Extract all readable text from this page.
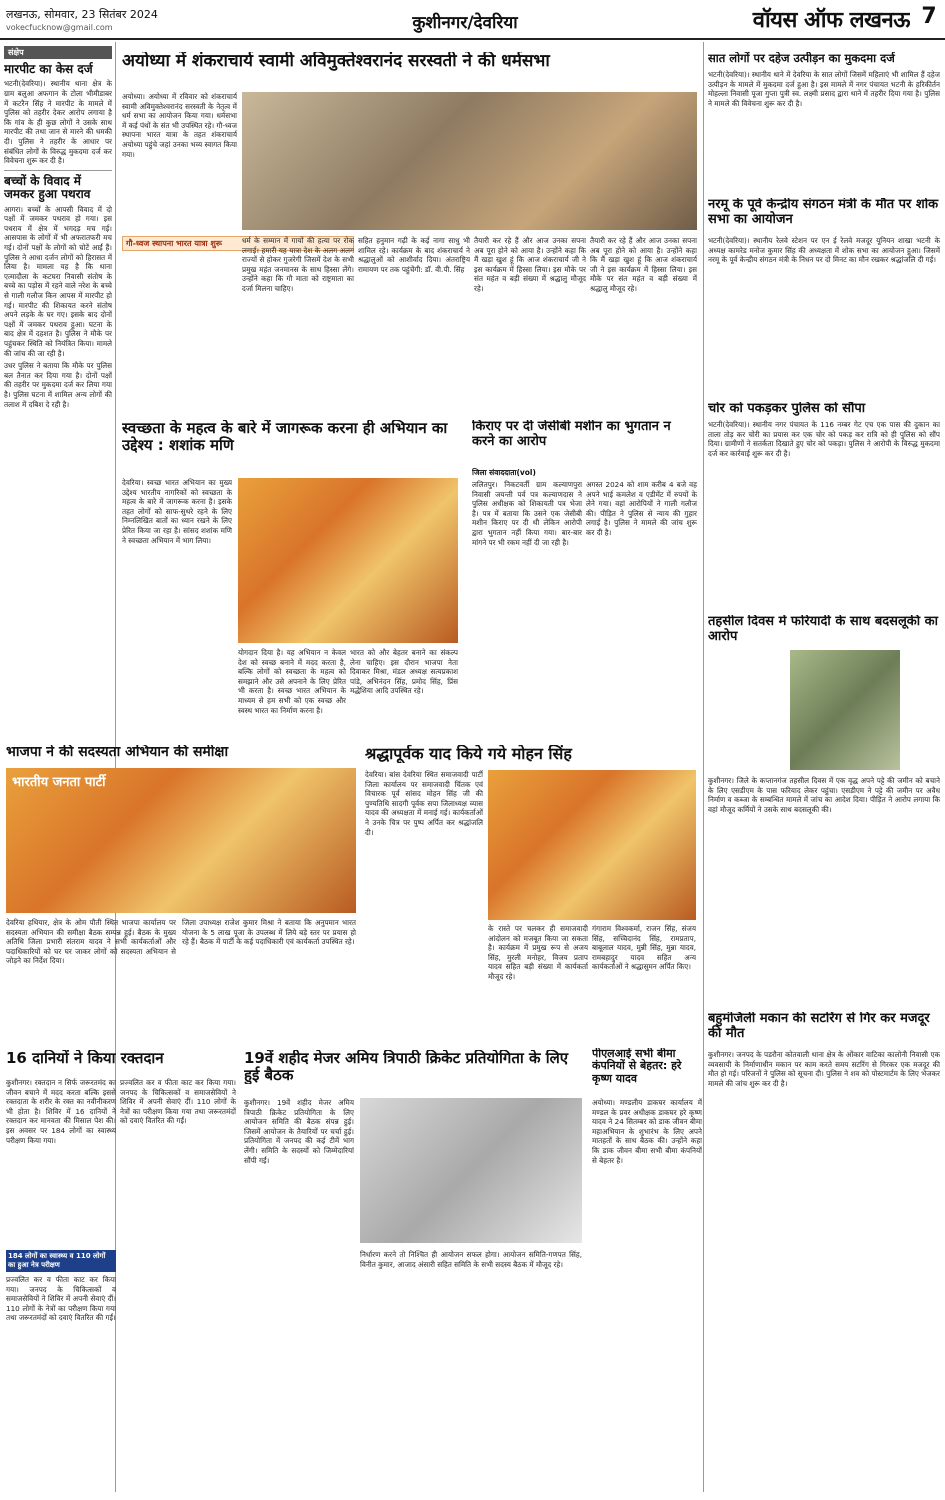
लखनऊ, सोमवार, 23 सितंबर 2024
vokecfucknow@gmail.com	कुशीनगर/देवरिया	वॉयस ऑफ लखनऊ 7
संक्षेप
मारपीट का केस दर्ज
भटनी(देवरिया)। स्थानीय थाना क्षेत्र के ग्राम बलुआ अफगान के टोला भीमीडाबर में कटरैन सिंह ने मारपीट के मामले में पुलिस को तहरीर देकर आरोप लगाया है कि गांव के ही कुछ लोगों ने उसके साथ मारपीट की तथा जान से मारने की धमकी दी। पुलिस ने तहरीर के आधार पर संबंधित लोगों के विरुद्ध मुकदमा दर्ज कर विवेचना शुरू कर दी है।
बच्चों के विवाद में जमकर हुआ पथराव
आगरा। बच्चों के आपसी विवाद में दो पक्षों में जमकर पथराव हो गया। इस पथराव में क्षेत्र में भगदड़ मच गई। आसपास के लोगों में भी अफरातफरी मच गई। दोनों पक्षों के लोगों को चोटें आईं हैं। पुलिस ने आधा दर्जन लोगों को हिरासत में लिया है। मामला यह है कि थाना एत्मादौला के कटघरा निवासी संतोष के बच्चे का पड़ोस में रहने वाले नरेश के बच्चे से गाली गलौज किन आपस में मारपीट हो गई। मारपीट की शिकायत करने संतोष अपने लड़के के घर गए। इसके बाद दोनों पक्षों में जमकर पथराव हुआ। घटना के बाद क्षेत्र में दहशत है। पुलिस ने मौके पर पहुंचकर स्थिति को नियंत्रित किया। मामले की जांच की जा रही है।
उधर पुलिस ने बताया कि मौके पर पुलिस बल तैनात कर दिया गया है। दोनों पक्षों की तहरीर पर मुकदमा दर्ज कर लिया गया है। पुलिस घटना में शामिल अन्य लोगों की तलाश में दबिश दे रही है।
अयोध्या में शंकराचार्य स्वामी अविमुक्तेश्वरानंद सरस्वती ने की धर्मसभा
अयोध्या। अयोध्या में रविवार को शंकराचार्य स्वामी अविमुक्तेश्वरानंद सरस्वती के नेतृत्व में धर्म सभा का आयोजन किया गया। धर्मसभा में कई पंथों के संत भी उपस्थित रहे। गौ-ध्वज स्थापना भारत यात्रा के तहत शंकराचार्य अयोध्या पहुंचे जहां उनका भव्य स्वागत किया गया।
गौ-ध्वज स्थापना भारत यात्रा शुरू	धर्म के सम्मान में गायों की हत्या पर रोक लगाई। हमारी यह यात्रा देश के अलग अलग राज्यों से होकर गुजरेगी जिसमें देश के सभी प्रमुख महंत जनमानस के साथ हिस्सा लेंगे। उन्होंने कहा कि गौ माता को राष्ट्रमाता का दर्जा मिलना चाहिए।
सहित हनुमान गढ़ी के कई नागा साधु भी शामिल रहे। कार्यक्रम के बाद शंकराचार्य ने श्रद्धालुओं को आशीर्वाद दिया। अंतराष्ट्रिय रामायण पर तक पहुंचेंगी: डॉ. वी.पी. सिंह
तैयारी कर रहे हैं और आज उनका सपना अब पूरा होने को आया है। उन्होंने कहा कि मैं खड़ा खुश हूं कि आज शंकराचार्य जी ने इस कार्यक्रम में हिस्सा लिया। इस मौके पर संत महंत व बड़ी संख्या में श्रद्धालु मौजूद रहे।
तैयारी कर रहे हैं और आज उनका सपना अब पूरा होने को आया है। उन्होंने कहा कि मैं खड़ा खुश हूं कि आज शंकराचार्य जी ने इस कार्यक्रम में हिस्सा लिया। इस मौके पर संत महंत व बड़ी संख्या में श्रद्धालु मौजूद रहे।
स्वच्छता के महत्व के बारे में जागरूक करना ही अभियान का उद्देश्य : शशांक मणि
देवरिया। स्वच्छ भारत अभियान का मुख्य उद्देश्य भारतीय नागरिकों को स्वच्छता के महत्व के बारे में जागरूक करना है। इसके तहत लोगों को साफ-सुथरे रहने के लिए निम्नलिखित बातों का ध्यान रखने के लिए प्रेरित किया जा रहा है। सांसद शशांक मणि ने स्वच्छता अभियान में भाग लिया।
योगदान दिया है। यह अभियान न केवल देश को स्वच्छ बनाने में मदद करता है, बल्कि लोगों को स्वच्छता के महत्व को समझाने और उसे अपनाने के लिए प्रेरित भी करता है। स्वच्छ भारत अभियान के माध्यम से हम सभी को एक स्वच्छ और स्वस्थ भारत का निर्माण करना है।
भारत को और बेहतर बनाने का संकल्प लेना चाहिए। इस दौरान भाजपा नेता दिवाकर मिश्रा, मंडल अध्यक्ष सत्यप्रकाश पांडे, अभिनंदन सिंह, प्रमोद सिंह, प्रिंस मद्धेशिया आदि उपस्थित रहे।
किराए पर दी जेसीबी मशीन का भुगतान न करने का आरोप
जिला संवाददाता(vol)
ललितपुर। निकटवर्ती ग्राम कल्याणपुरा निवासी जयन्ती पर्व पत्र कल्याणदास ने पुलिस अधीक्षक को शिकायती पत्र भेजा है। पत्र में बताया कि उसने एक जेसीबी मशीन किराए पर दी थी लेकिन आरोपी द्वारा भुगतान नहीं किया गया। बार-बार मांगने पर भी रकम नहीं दी जा रही है।
अगस्त 2024 को शाम करीब 4 बजे वह अपने भाई कमलेश व एडीमेंट में रुपयों के लेने गया। वहां आरोपियों ने गाली गलौज की। पीड़ित ने पुलिस से न्याय की गुहार लगाई है। पुलिस ने मामले की जांच शुरू कर दी है।
भाजपा ने की सदस्यता अभियान की समीक्षा
भारतीय जनता पार्टी
देवरिया हथियार, क्षेत्र के ओम पौती स्थित भाजपा कार्यालय पर सदस्यता अभियान की समीक्षा बैठक सम्पन्न हुई। बैठक के मुख्य अतिथि जिला प्रभारी संतराम यादव ने सभी कार्यकर्ताओं और पदाधिकारियों को घर घर जाकर लोगों को सदस्यता अभियान से जोड़ने का निर्देश दिया।
जिला उपाध्यक्ष राजेश कुमार मिश्रा ने बताया कि अनुपमान भारत योजना के 5 लाख पूजा के उपलब्ध में लिये बड़े स्तर पर प्रयास हो रहे हैं। बैठक में पार्टी के कई पदाधिकारी एवं कार्यकर्ता उपस्थित रहे।
श्रद्धापूर्वक याद किये गये मोहन सिंह
देवरिया। बांस देवरिया स्थित समाजवादी पार्टी जिला कार्यालय पर समाजवादी चिंतक एवं विचारक पूर्व सांसद मोहन सिंह जी की पुण्यतिथि सादगी पूर्वक सपा जिलाध्यक्ष व्यास यादव की अध्यक्षता में मनाई गई। कार्यकर्ताओं ने उनके चित्र पर पुष्प अर्पित कर श्रद्धांजलि दी।
के रास्ते पर चलकर ही समाजवादी आंदोलन को मजबूत किया जा सकता है। कार्यक्रम में प्रमुख रूप से अजय सिंह, मुरली मनोहर, विजय प्रताप यादव सहित बड़ी संख्या में कार्यकर्ता मौजूद रहे।
गंगाराम विश्वकर्मा, राजन सिंह, संजय सिंह, सच्चिदानंद सिंह, रामप्रताप, बाबूलाल यादव, मुन्नी सिंह, मुन्ना यादव, रामबहादुर यादव सहित अन्य कार्यकर्ताओं ने श्रद्धासुमन अर्पित किए।
16 दानियों ने किया रक्तदान
कुशीनगर। रक्तदान न सिर्फ जरूरतमंद का जीवन बचाने में मदद करता बल्कि इससे रक्तदाता के शरीर के रक्त का नवीनीकरण भी होता है। शिविर में 16 दानियों ने रक्तदान कर मानवता की मिसाल पेश की। इस अवसर पर 184 लोगों का स्वास्थ्य परीक्षण किया गया।
184 लोगों का स्वास्थ्य व 110 लोगों का हुआ नेत्र परीक्षण
प्रज्वलित कर व फीता काट कर किया गया। जनपद के चिकित्सकों व समाजसेवियों ने शिविर में अपनी सेवाएं दीं। 110 लोगों के नेत्रों का परीक्षण किया गया तथा जरूरतमंदों को दवाएं वितरित की गईं।
प्रज्वलित कर व फीता काट कर किया गया। जनपद के चिकित्सकों व समाजसेवियों ने शिविर में अपनी सेवाएं दीं। 110 लोगों के नेत्रों का परीक्षण किया गया तथा जरूरतमंदों को दवाएं वितरित की गईं।
19वें शहीद मेजर अमिय त्रिपाठी क्रिकेट प्रतियोगिता के लिए हुई बैठक
कुशीनगर। 19वें शहीद मेजर अमिय त्रिपाठी क्रिकेट प्रतियोगिता के लिए आयोजन समिति की बैठक संपन्न हुई। जिसमें आयोजन के तैयारियों पर चर्चा हुई। प्रतियोगिता में जनपद की कई टीमें भाग लेंगी। समिति के सदस्यों को जिम्मेदारियां सौंपी गईं।
निर्धारण करने तो निश्चित ही आयोजन सफल होगा। आयोजन समिति-गणपत सिंह, विनीत कुमार, आजाद अंसारी सहित समिति के सभी सदस्य बैठक में मौजूद रहे।
पीएलआई सभी बीमा कंपनियों से बेहतर: हरे कृष्ण यादव
अयोध्या। मण्डलीय डाकघर कार्यालय में मण्डल के प्रवर अधीक्षक डाकघर हरे कृष्ण यादव ने 24 सितम्बर को डाक जीवन बीमा महाअभियान के शुभारंभ के लिए अपने मातहतों के साथ बैठक की। उन्होंने कहा कि डाक जीवन बीमा सभी बीमा कंपनियों से बेहतर है।
सात लोगों पर दहेज उत्पीड़न का मुकदमा दर्ज
भटनी(देवरिया)। स्थानीय थाने में देवरिया के सात लोगों जिसमें महिलाएं भी शामिल हैं दहेज उत्पीड़न के मामले में मुकदमा दर्ज हुआ है। इस मामले में नगर पंचायत भटनी के हरिकीर्तन मोहल्ला निवासी पूजा गुप्ता पुत्री स्व. लक्ष्मी प्रसाद द्वारा थाने में तहरीर दिया गया है। पुलिस ने मामले की विवेचना शुरू कर दी है।
नरमू के पूर्व केन्द्रीय संगठन मंत्री के मौत पर शोक सभा का आयोजन
भटनी(देवरिया)। स्थानीय रेलवे स्टेशन पर एन ई रेलवे मजदूर यूनियन शाखा भटनी के अध्यक्ष कामरेड मनोज कुमार सिंह की अध्यक्षता में शोक सभा का आयोजन हुआ। जिसमें नरमू के पूर्व केन्द्रीय संगठन मंत्री के निधन पर दो मिनट का मौन रखकर श्रद्धांजलि दी गई।
चोर को पकड़कर पुलिस को सौंपा
भटनी(देवरिया)। स्थानीय नगर पंचायत के 116 नम्बर गेट एच एक पास की दुकान का ताला तोड़ कर चोरी का प्रयास कर एक चोर को पकड़ कर रात्रि को ही पुलिस को सौंप दिया। ग्रामीणों ने सतर्कता दिखाते हुए चोर को पकड़ा। पुलिस ने आरोपी के विरुद्ध मुकदमा दर्ज कर कार्रवाई शुरू कर दी है।
तहसील दिवस में फरियादी के साथ बदसलूकी का आरोप
कुशीनगर। जिले के कप्तानगंज तहसील दिवस में एक वृद्ध अपने पट्टे की जमीन को बचाने के लिए एसडीएम के पास फरियाद लेकर पहुंचा। एसडीएम ने पट्टे की जमीन पर अवैध निर्माण व कब्जा के सम्बन्धित मामले में जांच का आदेश दिया। पीड़ित ने आरोप लगाया कि वहां मौजूद कर्मियों ने उसके साथ बदसलूकी की।
बहुमंजिली मकान की सटरिंग से गिर कर मजदूर की मौत
कुशीनगर। जनपद के पडरौना कोतवाली थाना क्षेत्र के ओंकार वाटिका कालोनी निवासी एक व्यवसायी के निर्माणाधीन मकान पर काम करते समय सटरिंग से गिरकर एक मजदूर की मौत हो गई। परिजनों ने पुलिस को सूचना दी। पुलिस ने शव को पोस्टमार्टम के लिए भेजकर मामले की जांच शुरू कर दी है।
